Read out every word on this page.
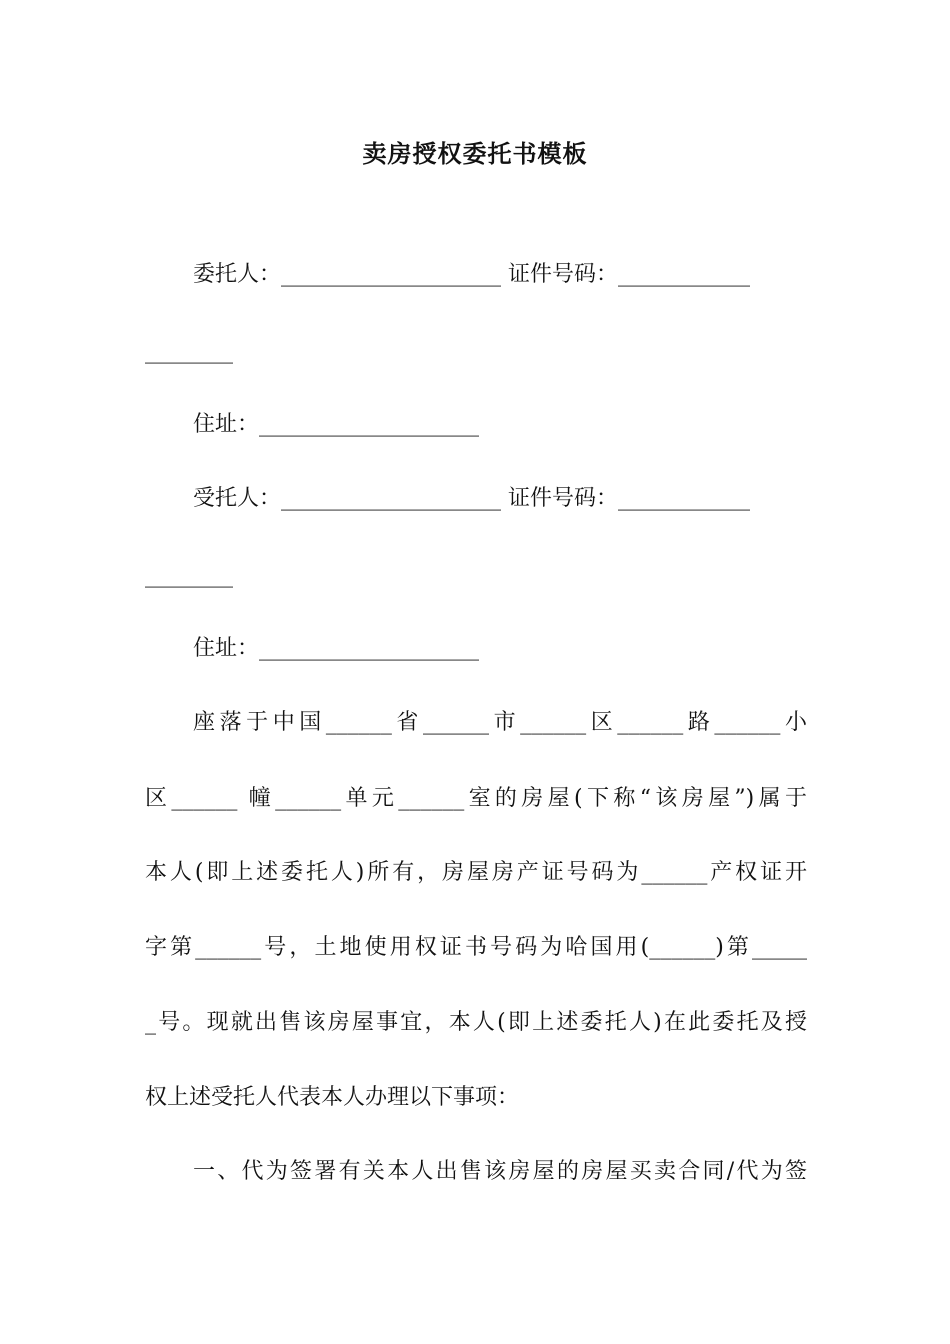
卖房授权委托书模板
委托人：____________________ 证件号码：____________
________
住址：____________________
受托人：____________________ 证件号码：____________
________
住址：____________________
座落于中国______省______市______区______路______小
区______ 幢______单元______室的房屋(下称“该房屋”)属于
本人(即上述委托人)所有，房屋房产证号码为______产权证开
字第______号，土地使用权证书号码为哈国用(______)第_____
_号。现就出售该房屋事宜，本人(即上述委托人)在此委托及授
权上述受托人代表本人办理以下事项：
一、代为签署有关本人出售该房屋的房屋买卖合同/代为签
